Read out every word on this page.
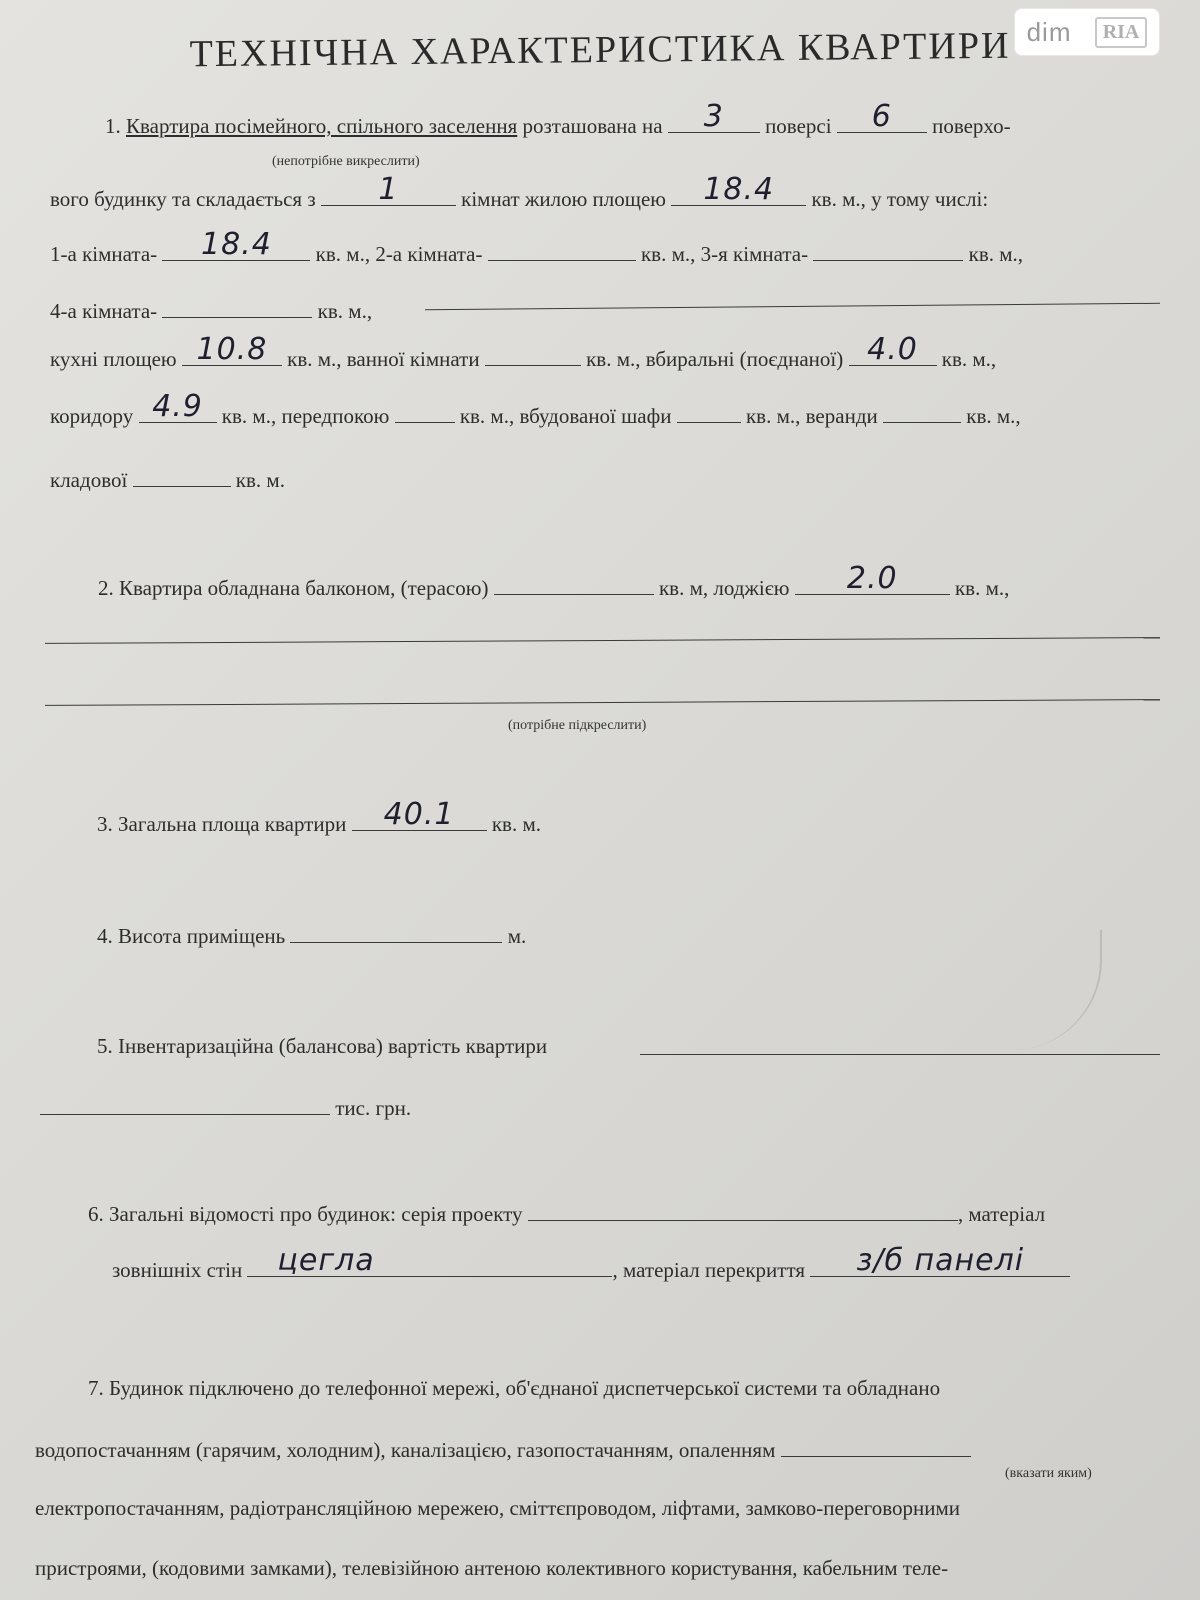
dim	RIA
ТЕХНІЧНА ХАРАКТЕРИСТИКА КВАРТИРИ
1. Квартира посімейного, спільного заселення розташована на	3	поверсі	6	поверхо-
(непотрібне викреслити)
вого будинку та складається з	1	кімнат жилою площею	18.4	кв. м., у тому числі:
1-а кімната-	18.4	кв. м., 2-а кімната-	кв. м., 3-я кімната-	кв. м.,
4-а кімната-	кв. м.,
кухні площею 10.8 кв. м., ванної кімнати	кв. м., вбиральні (поєднаної) 4.0	кв. м.,
коридору 4.9 кв. м., передпокою	кв. м., вбудованої шафи	кв. м., веранди	кв. м.,
кладової	кв. м.
2. Квартира обладнана балконом, (терасою)	кв. м, лоджією	2.0	кв. м.,
(потрібне підкреслити)
3. Загальна площа квартири	40.1	кв. м.
4. Висота приміщень	м.
5. Інвентаризаційна (балансова) вартість квартири
тис. грн.
6. Загальні відомості про будинок: серія проекту	, матеріал
зовнішніх стін	цегла	, матеріал перекриття	з/б панелі
7. Будинок підключено до телефонної мережі, об'єднаної диспетчерської системи та обладнано
водопостачанням (гарячим, холодним), каналізацією, газопостачанням, опаленням
(вказати яким)
електропостачанням, радіотрансляційною мережею, сміттєпроводом, ліфтами, замково-переговорними
пристроями, (кодовими замками), телевізійною антеною колективного користування, кабельним теле-
